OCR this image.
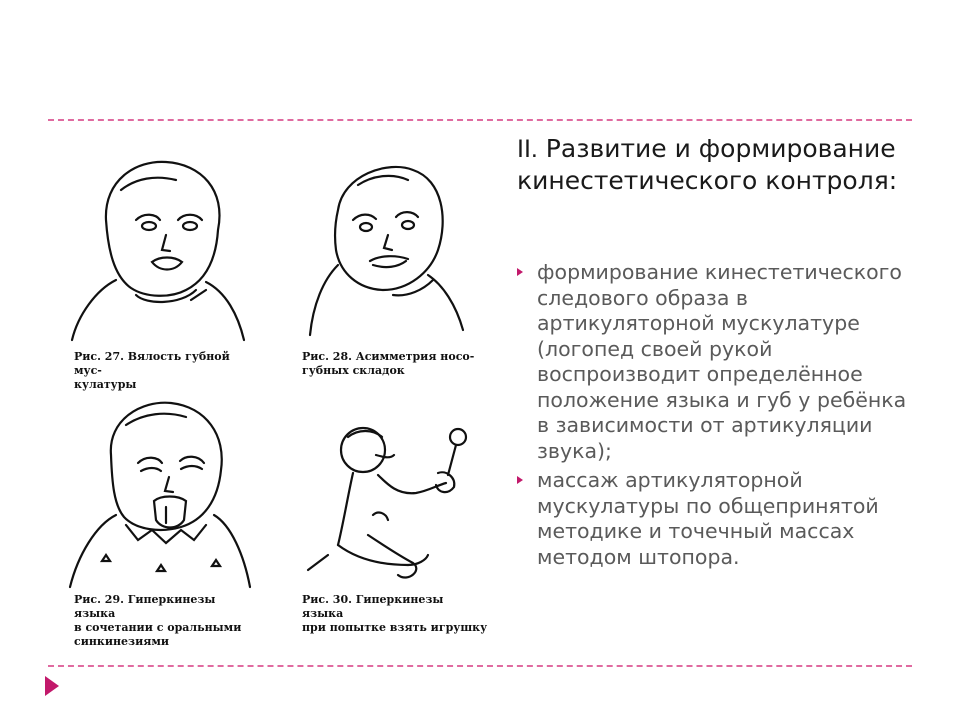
Рис. 27. Вялость губной мус-
кулатуры
Рис. 28. Асимметрия носо-
губных складок
Рис. 29. Гиперкинезы языка
в сочетании с оральными
синкинезиями
Рис. 30. Гиперкинезы языка
при попытке взять игрушку
II. Развитие и формирование кинестетического контроля:
формирование кинестетического следового образа в артикуляторной мускулатуре (логопед своей рукой воспроизводит определённое положение языка и губ у ребёнка в зависимости от артикуляции звука);
массаж артикуляторной мускулатуры по общепринятой методике и точечный массах методом штопора.
